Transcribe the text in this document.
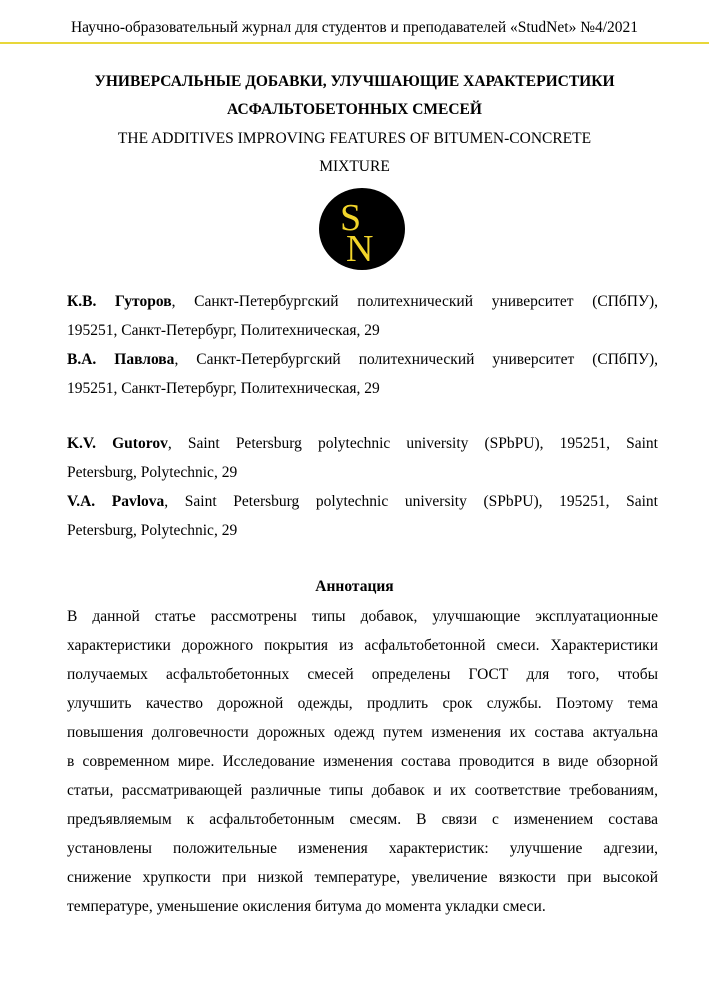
Научно-образовательный журнал для студентов и преподавателей «StudNet» №4/2021
УНИВЕРСАЛЬНЫЕ ДОБАВКИ, УЛУЧШАЮЩИЕ ХАРАКТЕРИСТИКИ
АСФАЛЬТОБЕТОННЫХ СМЕСЕЙ
THE ADDITIVES IMPROVING FEATURES OF BITUMEN-CONCRETE
MIXTURE
S
N
К.В. Гуторов, Санкт-Петербургский политехнический университет (СПбПУ),
195251, Санкт-Петербург, Политехническая, 29
В.А. Павлова, Санкт-Петербургский политехнический университет (СПбПУ),
195251, Санкт-Петербург, Политехническая, 29
K.V. Gutorov, Saint Petersburg polytechnic university (SPbPU), 195251, Saint
Petersburg, Polytechnic, 29
V.A. Pavlova, Saint Petersburg polytechnic university (SPbPU), 195251, Saint
Petersburg, Polytechnic, 29
Аннотация
В данной статье рассмотрены типы добавок, улучшающие эксплуатационные
характеристики дорожного покрытия из асфальтобетонной смеси. Характеристики
получаемых асфальтобетонных смесей определены ГОСТ для того, чтобы
улучшить качество дорожной одежды, продлить срок службы. Поэтому тема
повышения долговечности дорожных одежд путем изменения их состава актуальна
в современном мире. Исследование изменения состава проводится в виде обзорной
статьи, рассматривающей различные типы добавок и их соответствие требованиям,
предъявляемым к асфальтобетонным смесям. В связи с изменением состава
установлены положительные изменения характеристик: улучшение адгезии,
снижение хрупкости при низкой температуре, увеличение вязкости при высокой
температуре, уменьшение окисления битума до момента укладки смеси.
